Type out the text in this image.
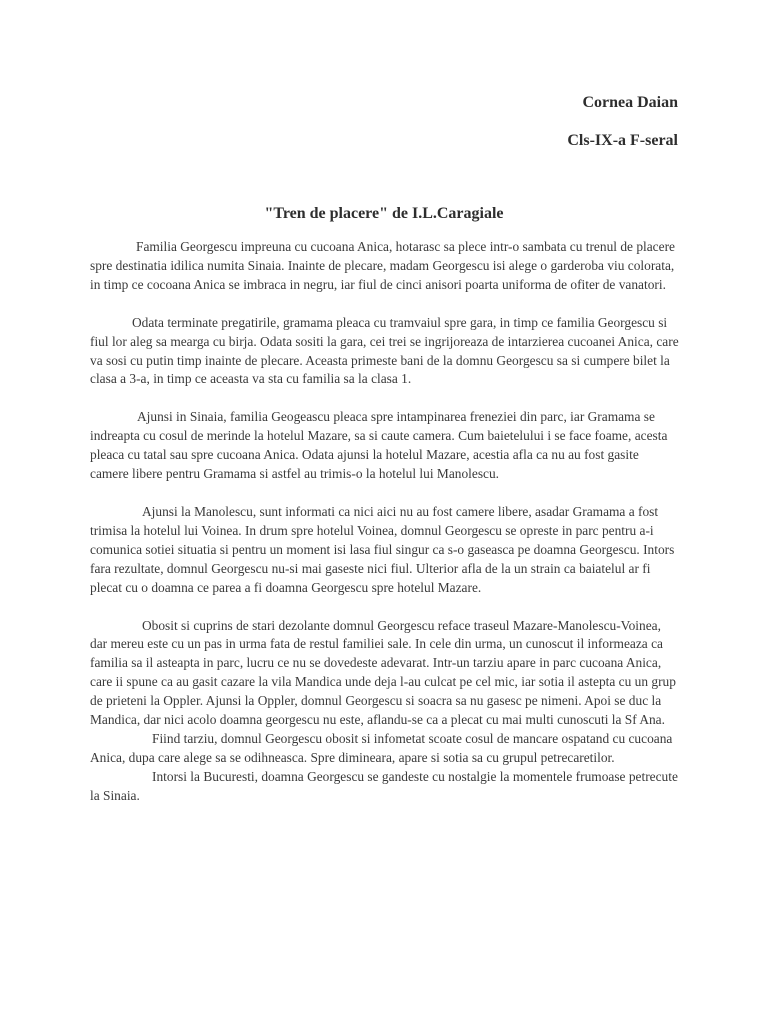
Cornea Daian
Cls-IX-a F-seral
"Tren de placere" de I.L.Caragiale

Familia Georgescu impreuna cu cucoana Anica, hotarasc sa plece intr-o sambata cu trenul de placere spre destinatia idilica numita Sinaia. Inainte de plecare, madam Georgescu isi alege o garderoba viu colorata, in timp ce cocoana Anica se imbraca in negru, iar fiul de cinci anisori poarta uniforma de ofiter de vanatori.

Odata terminate pregatirile, gramama pleaca cu tramvaiul spre gara, in timp ce familia Georgescu si fiul lor aleg sa mearga cu birja. Odata sositi la gara, cei trei se ingrijoreaza de intarzierea cucoanei Anica, care va sosi cu putin timp inainte de plecare. Aceasta primeste bani de la domnu Georgescu sa si cumpere bilet la clasa a 3-a, in timp ce aceasta va sta cu familia sa la clasa 1.

Ajunsi in Sinaia, familia Geogeascu pleaca spre intampinarea freneziei din parc, iar Gramama se indreapta cu cosul de merinde la hotelul Mazare, sa si caute camera. Cum baietelului i se face foame, acesta pleaca cu tatal sau spre cucoana Anica. Odata ajunsi la hotelul Mazare, acestia afla ca nu au fost gasite camere libere pentru Gramama si astfel au trimis-o la hotelul lui Manolescu.

Ajunsi la Manolescu, sunt informati ca nici aici nu au fost camere libere, asadar Gramama a fost trimisa la hotelul lui Voinea. In drum spre hotelul Voinea, domnul Georgescu se opreste in parc pentru a-i comunica sotiei situatia si pentru un moment isi lasa fiul singur ca s-o gaseasca pe doamna Georgescu. Intors fara rezultate, domnul Georgescu nu-si mai gaseste nici fiul. Ulterior afla de la un strain ca baiatelul ar fi plecat cu o doamna ce parea a fi doamna Georgescu spre hotelul Mazare.

Obosit si cuprins de stari dezolante domnul Georgescu reface traseul Mazare-Manolescu-Voinea, dar mereu este cu un pas in urma fata de restul familiei sale. In cele din urma, un cunoscut il informeaza ca familia sa il asteapta in parc, lucru ce nu se dovedeste adevarat. Intr-un tarziu apare in parc cucoana Anica, care ii spune ca au gasit cazare la vila Mandica unde deja l-au culcat pe cel mic, iar sotia il astepta cu un grup de prieteni la Oppler. Ajunsi la Oppler, domnul Georgescu si soacra sa nu gasesc pe nimeni. Apoi se duc la Mandica, dar nici acolo doamna georgescu nu este, aflandu-se ca a plecat cu mai multi cunoscuti la Sf Ana.

Fiind tarziu, domnul Georgescu obosit si infometat scoate cosul de mancare ospatand cu cucoana Anica, dupa care alege sa se odihneasca. Spre dimineara, apare si sotia sa cu grupul petrecaretilor.

Intorsi la Bucuresti, doamna Georgescu se gandeste cu nostalgie la momentele frumoase petrecute la Sinaia.
